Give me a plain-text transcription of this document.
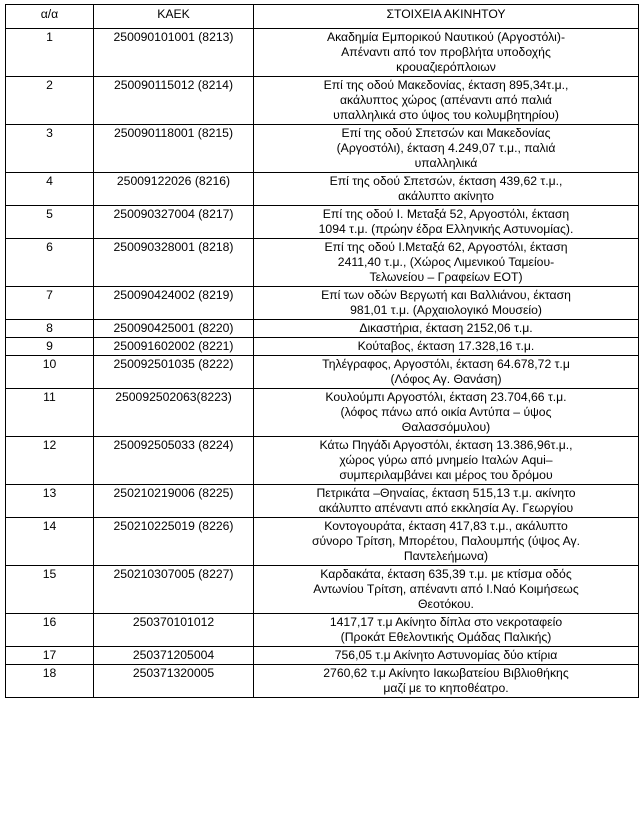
α/α	ΚΑΕΚ	ΣΤΟΙΧΕΙΑ ΑΚΙΝΗΤΟΥ
1	250090101001 (8213)	Ακαδημία Εμπορικού Ναυτικού (Αργοστόλι)-
Απέναντι από τον προβλήτα υποδοχής
κρουαζιερόπλοιων

2	250090115012 (8214)	Επί της οδού Μακεδονίας, έκταση 895,34τ.μ.,
ακάλυπτος χώρος (απέναντι από παλιά
υπαλληλικά στο ύψος του κολυμβητηρίου)

3	250090118001 (8215)	Επί της οδού Σπετσών και Μακεδονίας
(Αργοστόλι), έκταση 4.249,07 τ.μ., παλιά
υπαλληλικά

4	25009122026 (8216)	Επί της οδού Σπετσών, έκταση 439,62 τ.μ.,
ακάλυπτο ακίνητο

5	250090327004 (8217)	Επί της οδού Ι. Μεταξά 52, Αργοστόλι, έκταση
1094 τ.μ. (πρώην έδρα Ελληνικής Αστυνομίας).

6	250090328001 (8218)	Επί της οδού Ι.Μεταξά 62, Αργοστόλι, έκταση
2411,40 τ.μ., (Χώρος Λιμενικού Ταμείου-
Τελωνείου – Γραφείων ΕΟΤ)

7	250090424002 (8219)	Επί των οδών Βεργωτή και Βαλλιάνου, έκταση
981,01 τ.μ. (Αρχαιολογικό Μουσείο)

8	250090425001 (8220)	Δικαστήρια, έκταση 2152,06 τ.μ.

9	250091602002 (8221)	Κούταβος, έκταση 17.328,16 τ.μ.

10	250092501035 (8222)	Τηλέγραφος, Αργοστόλι, έκταση 64.678,72 τ.μ
(Λόφος Αγ. Θανάση)

11	250092502063(8223)	Κουλούμπι Αργοστόλι, έκταση 23.704,66 τ.μ.
(λόφος πάνω από οικία Αντύπα – ύψος
Θαλασσόμυλου)

12	250092505033 (8224)	Κάτω Πηγάδι Αργοστόλι, έκταση 13.386,96τ.μ.,
χώρος γύρω από μνημείο Ιταλών Aqui–
συμπεριλαμβάνει και μέρος του δρόμου

13	250210219006 (8225)	Πετρικάτα –Θηναίας, έκταση 515,13 τ.μ. ακίνητο
ακάλυπτο απέναντι από εκκλησία Αγ. Γεωργίου

14	250210225019 (8226)	Κοντογουράτα, έκταση 417,83 τ.μ., ακάλυπτο
σύνορο Τρίτση, Μπορέτου, Παλουμπής (ύψος Αγ.
Παντελεήμωνα)

15	250210307005 (8227)	Καρδακάτα, έκταση 635,39 τ.μ. με κτίσμα οδός
Αντωνίου Τρίτση, απέναντι από Ι.Ναό Κοιμήσεως
Θεοτόκου.

16	250370101012	1417,17 τ.μ Ακίνητο δίπλα στο νεκροταφείο
(Προκάτ Εθελοντικής Ομάδας Παλικής)

17	250371205004	756,05 τ.μ Ακίνητο Αστυνομίας δύο κτίρια

18	250371320005	2760,62 τ.μ Ακίνητο Ιακωβατείου Βιβλιοθήκης
μαζί με το κηποθέατρο.
